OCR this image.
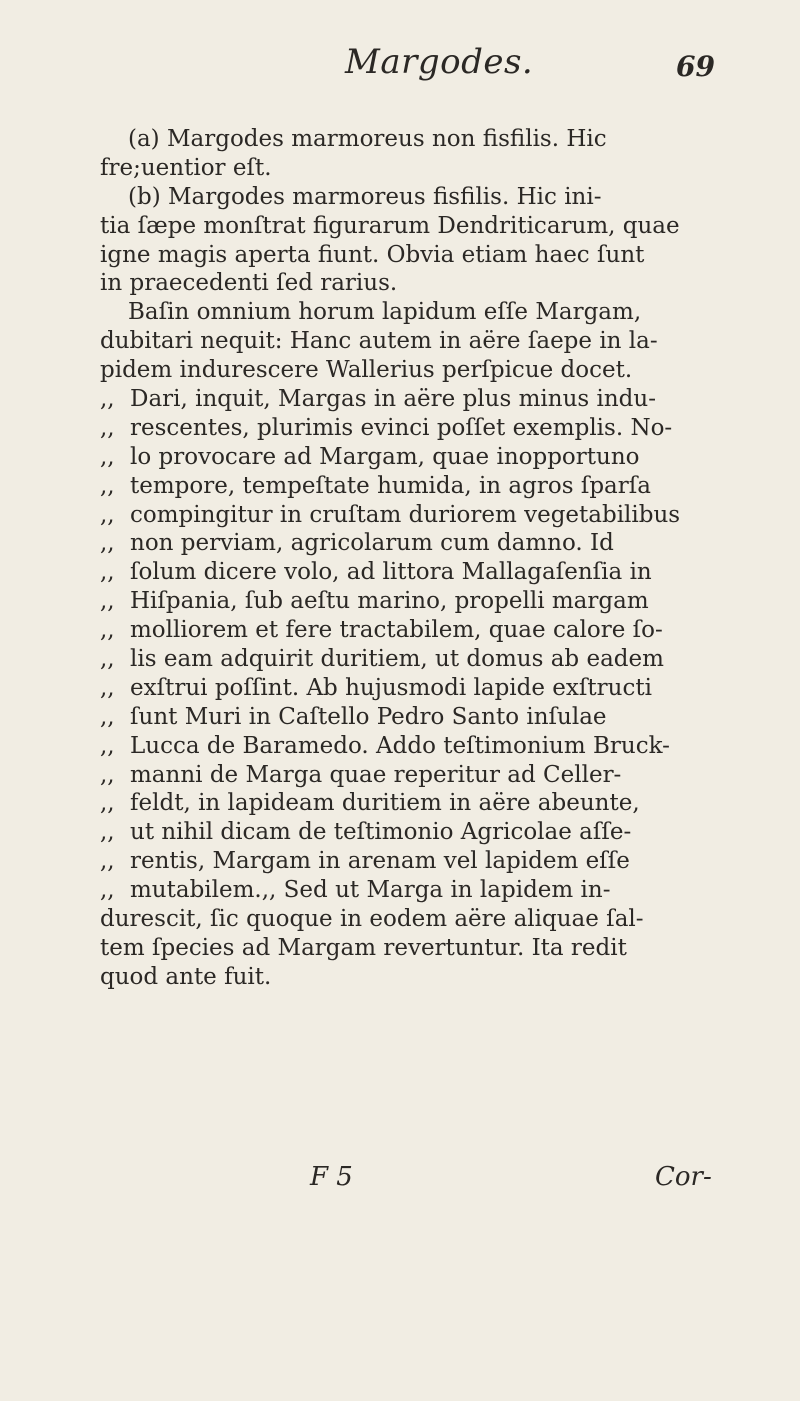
Margodes.	69
(a) Margodes marmoreus non fisfilis. Hic
fre;uentior eſt.
(b) Margodes marmoreus fisfilis. Hic ini-
tia ſæpe monſtrat figurarum Dendriticarum, quae
igne magis aperta fiunt. Obvia etiam haec ſunt
in praecedenti ſed rarius.
Baſin omnium horum lapidum eſſe Margam,
dubitari nequit: Hanc autem in aëre ſaepe in la-
pidem indurescere Wallerius perſpicue docet.
,, Dari, inquit, Margas in aëre plus minus indu-
,, rescentes, plurimis evinci poſſet exemplis. No-
,, lo provocare ad Margam, quae inopportuno
,, tempore, tempeſtate humida, in agros ſparſa
,, compingitur in cruſtam duriorem vegetabilibus
,, non perviam, agricolarum cum damno. Id
,, ſolum dicere volo, ad littora Mallagaſenſia in
,, Hiſpania, ſub aeſtu marino, propelli margam
,, molliorem et fere tractabilem, quae calore ſo-
,, lis eam adquirit duritiem, ut domus ab eadem
,, exſtrui poſſint. Ab hujusmodi lapide exſtructi
,, ſunt Muri in Caſtello Pedro Santo inſulae
,, Lucca de Baramedo. Addo teſtimonium Bruck-
,, manni de Marga quae reperitur ad Celler-
,, feldt, in lapideam duritiem in aëre abeunte,
,, ut nihil dicam de teſtimonio Agricolae aſſe-
,, rentis, Margam in arenam vel lapidem eſſe
,, mutabilem.,, Sed ut Marga in lapidem in-
durescit, ſic quoque in eodem aëre aliquae ſal-
tem ſpecies ad Margam revertuntur. Ita redit
quod ante fuit.
F 5	Cor-
